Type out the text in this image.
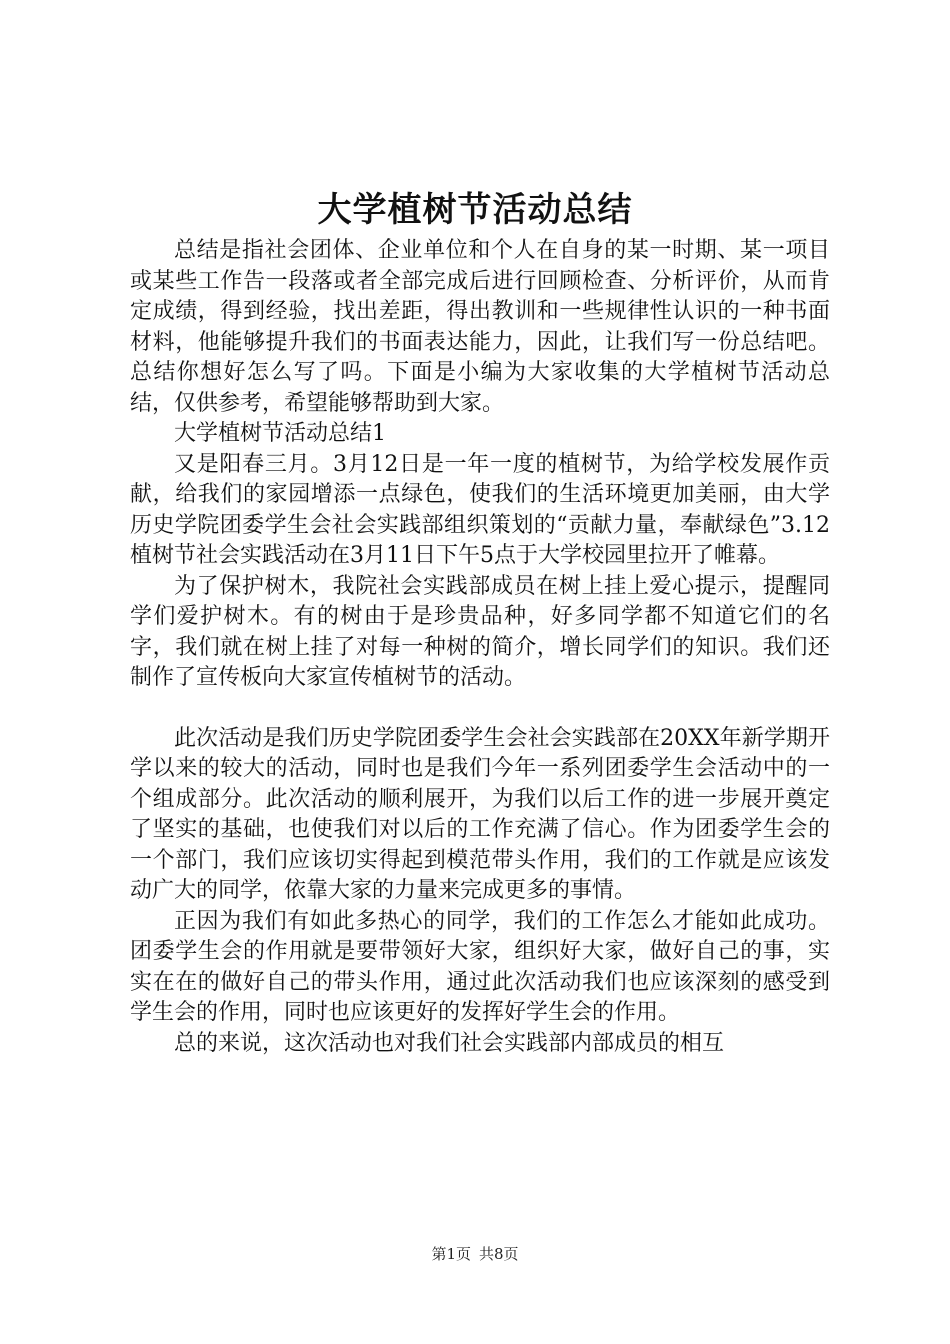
大学植树节活动总结

总结是指社会团体、企业单位和个人在自身的某一时期、某一项目或某些工作告一段落或者全部完成后进行回顾检查、分析评价，从而肯定成绩，得到经验，找出差距，得出教训和一些规律性认识的一种书面材料，他能够提升我们的书面表达能力，因此，让我们写一份总结吧。总结你想好怎么写了吗。下面是小编为大家收集的大学植树节活动总结，仅供参考，希望能够帮助到大家。

大学植树节活动总结1

又是阳春三月。3月12日是一年一度的植树节，为给学校发展作贡献，给我们的家园增添一点绿色，使我们的生活环境更加美丽，由大学历史学院团委学生会社会实践部组织策划的“贡献力量，奉献绿色”3.12植树节社会实践活动在3月11日下午5点于大学校园里拉开了帷幕。

为了保护树木，我院社会实践部成员在树上挂上爱心提示，提醒同学们爱护树木。有的树由于是珍贵品种，好多同学都不知道它们的名字，我们就在树上挂了对每一种树的简介，增长同学们的知识。我们还制作了宣传板向大家宣传植树节的活动。

此次活动是我们历史学院团委学生会社会实践部在20XX年新学期开学以来的较大的活动，同时也是我们今年一系列团委学生会活动中的一个组成部分。此次活动的顺利展开，为我们以后工作的进一步展开奠定了坚实的基础，也使我们对以后的工作充满了信心。作为团委学生会的一个部门，我们应该切实得起到模范带头作用，我们的工作就是应该发动广大的同学，依靠大家的力量来完成更多的事情。

正因为我们有如此多热心的同学，我们的工作怎么才能如此成功。团委学生会的作用就是要带领好大家，组织好大家，做好自己的事，实实在在的做好自己的带头作用，通过此次活动我们也应该深刻的感受到学生会的作用，同时也应该更好的发挥好学生会的作用。

总的来说，这次活动也对我们社会实践部内部成员的相互

第1页 共8页
